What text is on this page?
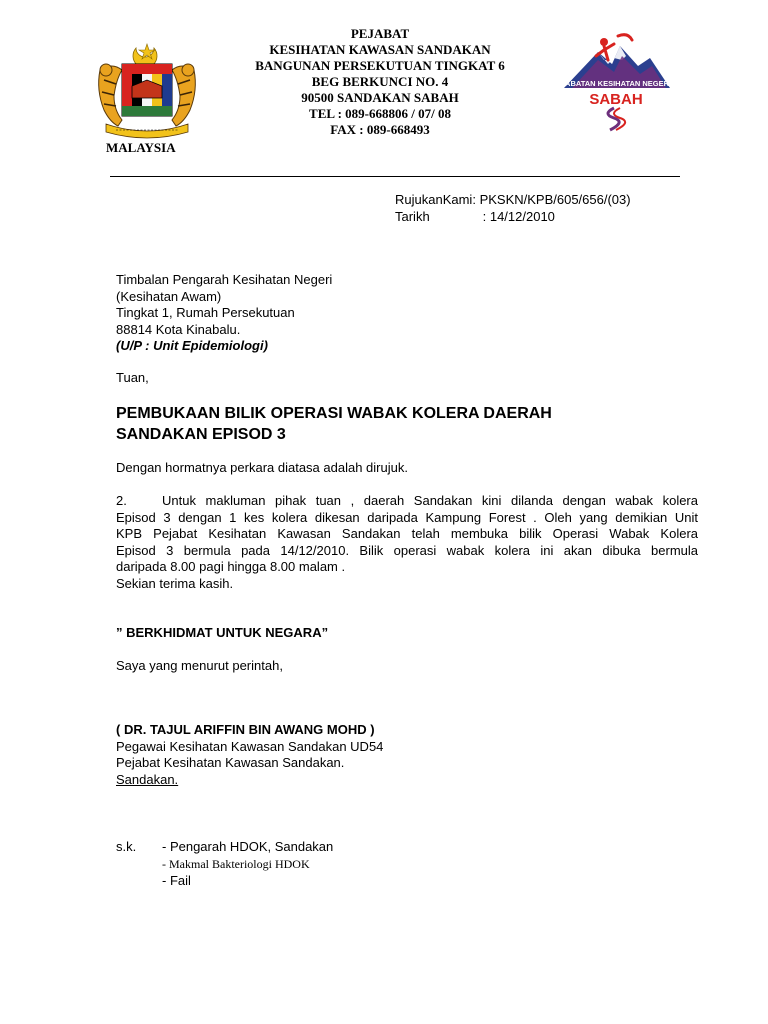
PEJABAT
KESIHATAN KAWASAN SANDAKAN
BANGUNAN PERSEKUTUAN TINGKAT 6
BEG BERKUNCI NO. 4
90500 SANDAKAN SABAH
TEL : 089-668806 / 07/ 08
FAX : 089-668493
MALAYSIA
JABATAN KESIHATAN NEGERI
SABAH
RujukanKami: PKSKN/KPB/605/656/(03)
Tarikh	: 14/12/2010
Timbalan Pengarah Kesihatan Negeri
(Kesihatan Awam)
Tingkat 1, Rumah Persekutuan
88814 Kota Kinabalu.
(U/P : Unit Epidemiologi)
Tuan,
PEMBUKAAN BILIK OPERASI WABAK KOLERA DAERAH
SANDAKAN EPISOD 3
Dengan hormatnya perkara diatasa adalah dirujuk.
2.	Untuk makluman pihak tuan , daerah Sandakan kini dilanda dengan wabak kolera
Episod 3 dengan 1 kes kolera dikesan daripada Kampung Forest . Oleh yang demikian Unit
KPB Pejabat Kesihatan Kawasan Sandakan telah membuka bilik Operasi Wabak Kolera
Episod 3 bermula pada 14/12/2010. Bilik operasi wabak kolera ini akan dibuka bermula
daripada 8.00 pagi hingga 8.00 malam .
Sekian terima kasih.
” BERKHIDMAT UNTUK NEGARA”
Saya yang menurut perintah,
( DR. TAJUL ARIFFIN BIN AWANG MOHD )
Pegawai Kesihatan Kawasan Sandakan UD54
Pejabat Kesihatan Kawasan Sandakan.
Sandakan.
s.k. - Pengarah HDOK, Sandakan
- Makmal Bakteriologi HDOK
- Fail
